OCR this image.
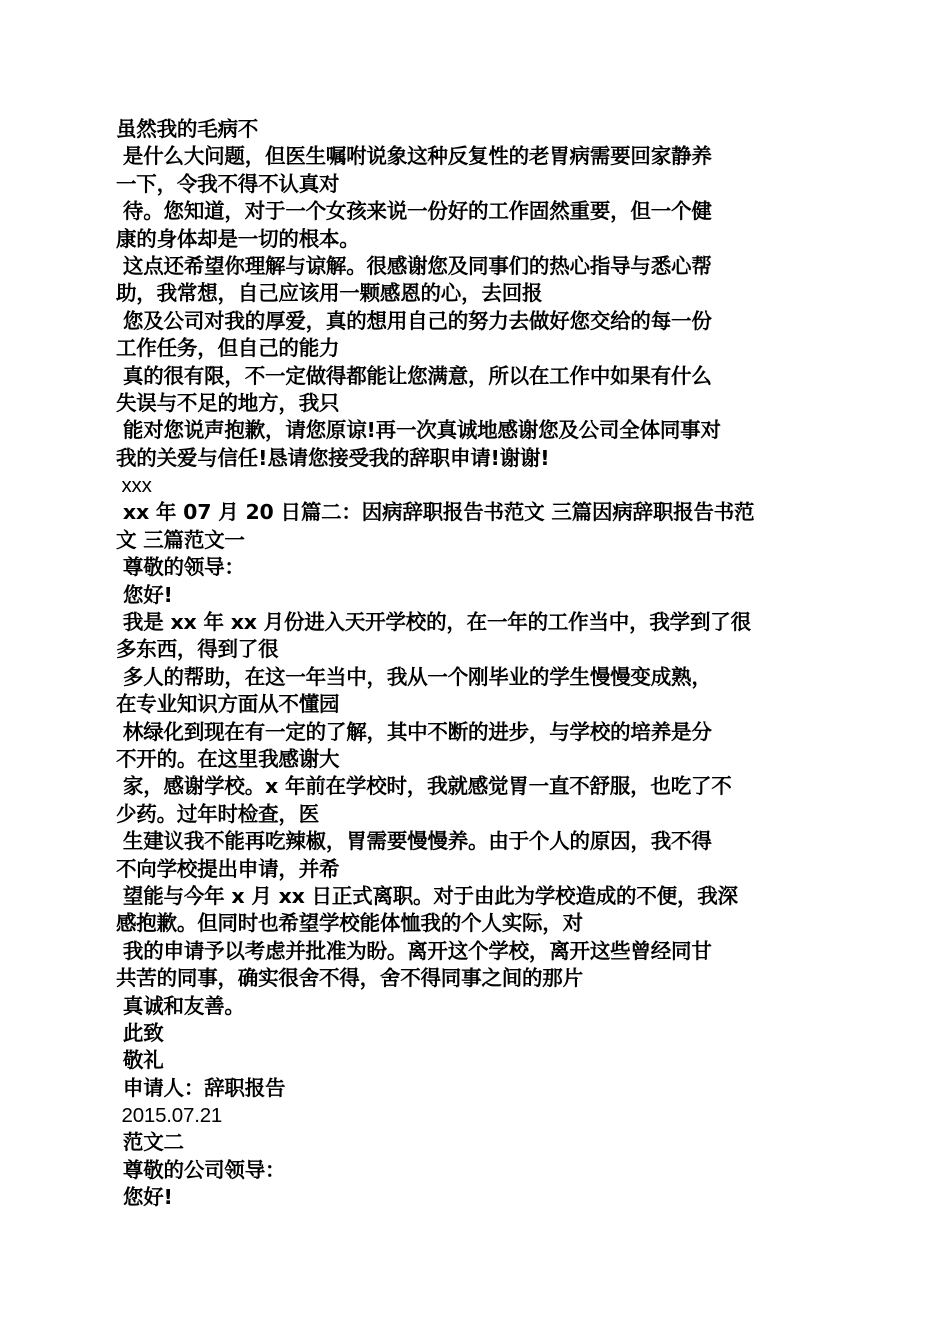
虽然我的毛病不
是什么大问题，但医生嘱咐说象这种反复性的老胃病需要回家静养
一下，令我不得不认真对
待。您知道，对于一个女孩来说一份好的工作固然重要，但一个健
康的身体却是一切的根本。
这点还希望你理解与谅解。很感谢您及同事们的热心指导与悉心帮
助，我常想，自己应该用一颗感恩的心，去回报
您及公司对我的厚爱，真的想用自己的努力去做好您交给的每一份
工作任务，但自己的能力
真的很有限，不一定做得都能让您满意，所以在工作中如果有什么
失误与不足的地方，我只
能对您说声抱歉，请您原谅!再一次真诚地感谢您及公司全体同事对
我的关爱与信任!恳请您接受我的辞职申请!谢谢!
xxx
xx 年 07 月 20 日篇二：因病辞职报告书范文 三篇因病辞职报告书范
文 三篇范文一
尊敬的领导：
您好!
我是 xx 年 xx 月份进入天开学校的，在一年的工作当中，我学到了很
多东西，得到了很
多人的帮助，在这一年当中，我从一个刚毕业的学生慢慢变成熟，
在专业知识方面从不懂园
林绿化到现在有一定的了解，其中不断的进步，与学校的培养是分
不开的。在这里我感谢大
家，感谢学校。x 年前在学校时，我就感觉胃一直不舒服，也吃了不
少药。过年时检查，医
生建议我不能再吃辣椒，胃需要慢慢养。由于个人的原因，我不得
不向学校提出申请，并希
望能与今年 x 月 xx 日正式离职。对于由此为学校造成的不便，我深
感抱歉。但同时也希望学校能体恤我的个人实际，对
我的申请予以考虑并批准为盼。离开这个学校，离开这些曾经同甘
共苦的同事，确实很舍不得，舍不得同事之间的那片
真诚和友善。
此致
敬礼
申请人：辞职报告
2015.07.21
范文二
尊敬的公司领导：
您好!
